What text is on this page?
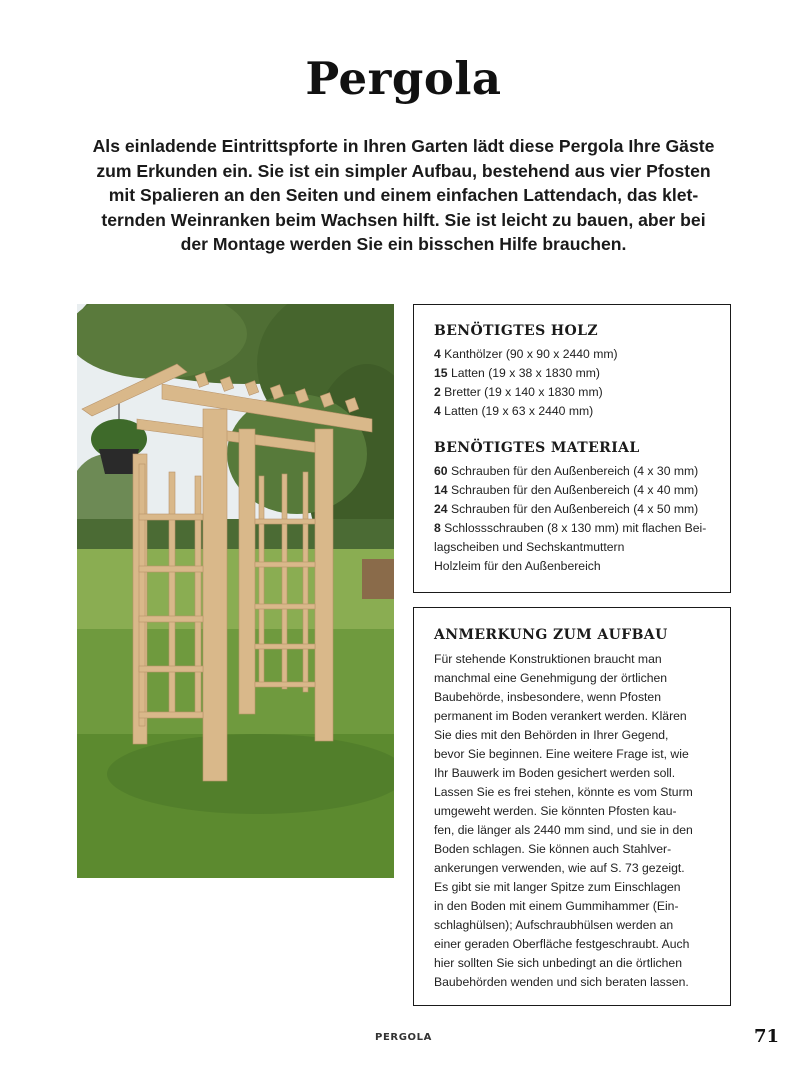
Pergola
Als einladende Eintrittspforte in Ihren Garten lädt diese Pergola Ihre Gäste
zum Erkunden ein. Sie ist ein simpler Aufbau, bestehend aus vier Pfosten
mit Spalieren an den Seiten und einem einfachen Lattendach, das klet-
ternden Weinranken beim Wachsen hilft. Sie ist leicht zu bauen, aber bei
der Montage werden Sie ein bisschen Hilfe brauchen.
BENÖTIGTES HOLZ
4 Kanthölzer (90 x 90 x 2440 mm)
15 Latten (19 x 38 x 1830 mm)
2 Bretter (19 x 140 x 1830 mm)
4 Latten (19 x 63 x 2440 mm)
BENÖTIGTES MATERIAL
60 Schrauben für den Außenbereich (4 x 30 mm)
14 Schrauben für den Außenbereich (4 x 40 mm)
24 Schrauben für den Außenbereich (4 x 50 mm)
8 Schlossschrauben (8 x 130 mm) mit flachen Bei-
lagscheiben und Sechskantmuttern
Holzleim für den Außenbereich
ANMERKUNG ZUM AUFBAU
Für stehende Konstruktionen braucht man
manchmal eine Genehmigung der örtlichen
Baubehörde, insbesondere, wenn Pfosten
permanent im Boden verankert werden. Klären
Sie dies mit den Behörden in Ihrer Gegend,
bevor Sie beginnen. Eine weitere Frage ist, wie
Ihr Bauwerk im Boden gesichert werden soll.
Lassen Sie es frei stehen, könnte es vom Sturm
umgeweht werden. Sie könnten Pfosten kau-
fen, die länger als 2440 mm sind, und sie in den
Boden schlagen. Sie können auch Stahlver-
ankerungen verwenden, wie auf S. 73 gezeigt.
Es gibt sie mit langer Spitze zum Einschlagen
in den Boden mit einem Gummihammer (Ein-
schlaghülsen); Aufschraubhülsen werden an
einer geraden Oberfläche festgeschraubt. Auch
hier sollten Sie sich unbedingt an die örtlichen
Baubehörden wenden und sich beraten lassen.
PERGOLA	71
